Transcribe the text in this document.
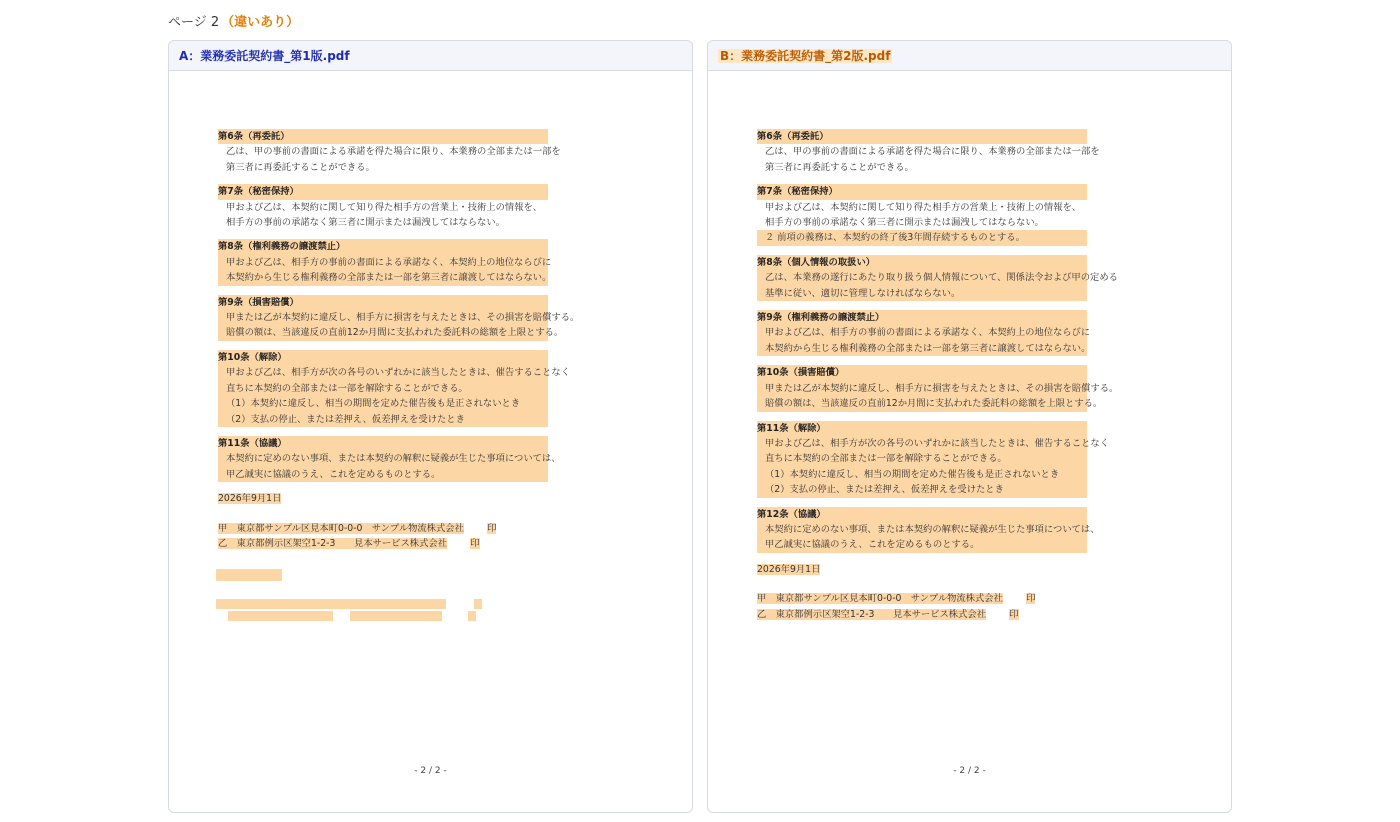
ページ 2 （違いあり）
A：業務委託契約書_第1版.pdf
第6条（再委託）
乙は、甲の事前の書面による承諾を得た場合に限り、本業務の全部または一部を
第三者に再委託することができる。
第7条（秘密保持）
甲および乙は、本契約に関して知り得た相手方の営業上・技術上の情報を、
相手方の事前の承諾なく第三者に開示または漏洩してはならない。
第8条（権利義務の譲渡禁止）
甲および乙は、相手方の事前の書面による承諾なく、本契約上の地位ならびに
本契約から生じる権利義務の全部または一部を第三者に譲渡してはならない。
第9条（損害賠償）
甲または乙が本契約に違反し、相手方に損害を与えたときは、その損害を賠償する。
賠償の額は、当該違反の直前12か月間に支払われた委託料の総額を上限とする。
第10条（解除）
甲および乙は、相手方が次の各号のいずれかに該当したときは、催告することなく
直ちに本契約の全部または一部を解除することができる。
（1）本契約に違反し、相当の期間を定めた催告後も是正されないとき
（2）支払の停止、または差押え、仮差押えを受けたとき
第11条（協議）
本契約に定めのない事項、または本契約の解釈に疑義が生じた事項については、
甲乙誠実に協議のうえ、これを定めるものとする。
2026年9月1日
甲　東京都サンプル区見本町0-0-0　サンプル物流株式会社   	印
乙　東京都例示区架空1-2-3　　見本サービス株式会社   	印
- 2 / 2 -
B：業務委託契約書_第2版.pdf
第6条（再委託）
乙は、甲の事前の書面による承諾を得た場合に限り、本業務の全部または一部を
第三者に再委託することができる。
第7条（秘密保持）
甲および乙は、本契約に関して知り得た相手方の営業上・技術上の情報を、
相手方の事前の承諾なく第三者に開示または漏洩してはならない。
２ 前項の義務は、本契約の終了後3年間存続するものとする。
第8条（個人情報の取扱い）
乙は、本業務の遂行にあたり取り扱う個人情報について、関係法令および甲の定める
基準に従い、適切に管理しなければならない。
第9条（権利義務の譲渡禁止）
甲および乙は、相手方の事前の書面による承諾なく、本契約上の地位ならびに
本契約から生じる権利義務の全部または一部を第三者に譲渡してはならない。
第10条（損害賠償）
甲または乙が本契約に違反し、相手方に損害を与えたときは、その損害を賠償する。
賠償の額は、当該違反の直前12か月間に支払われた委託料の総額を上限とする。
第11条（解除）
甲および乙は、相手方が次の各号のいずれかに該当したときは、催告することなく
直ちに本契約の全部または一部を解除することができる。
（1）本契約に違反し、相当の期間を定めた催告後も是正されないとき
（2）支払の停止、または差押え、仮差押えを受けたとき
第12条（協議）
本契約に定めのない事項、または本契約の解釈に疑義が生じた事項については、
甲乙誠実に協議のうえ、これを定めるものとする。
2026年9月1日
甲　東京都サンプル区見本町0-0-0　サンプル物流株式会社   	印
乙　東京都例示区架空1-2-3　　見本サービス株式会社   	印
- 2 / 2 -
